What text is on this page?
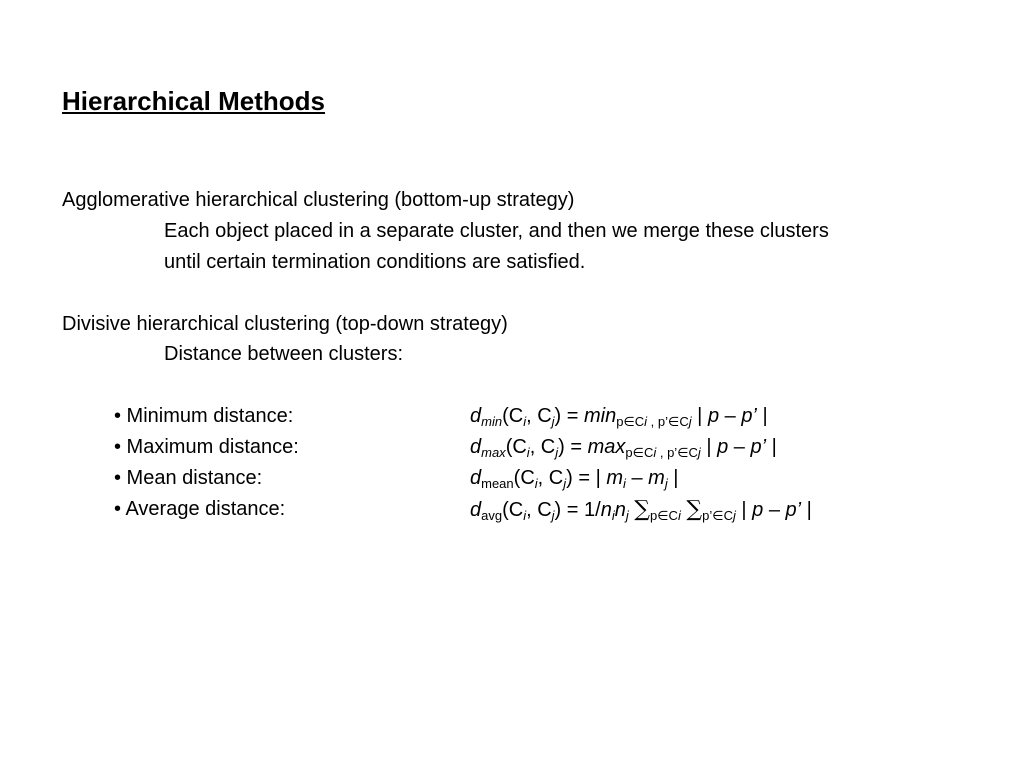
Hierarchical Methods
Agglomerative hierarchical clustering (bottom-up strategy)
Each object placed in a separate cluster, and then we merge these clusters
until certain termination conditions are satisfied.
Divisive hierarchical clustering (top-down strategy)
Distance between clusters:
• Minimum distance:	$d_{min}(C_i$, $C_j) = \min_{p\in Ci , p’\in Cj}$ | p – p’ |
• Maximum distance:	$d_{max}(C_i$, $C_j) = \max_{p\in Ci , p’\in Cj}$ | p – p’ |
• Mean distance:	$d_{mean}(C_i$, $C_j$) = | $m_i - m_j$ |
• Average distance:	$d_{avg}(C_i$, $C_j) = 1/n_in_j$ $\sum_{p\in Ci}$ $\sum_{p’\in Cj}$ | p – p’ |
